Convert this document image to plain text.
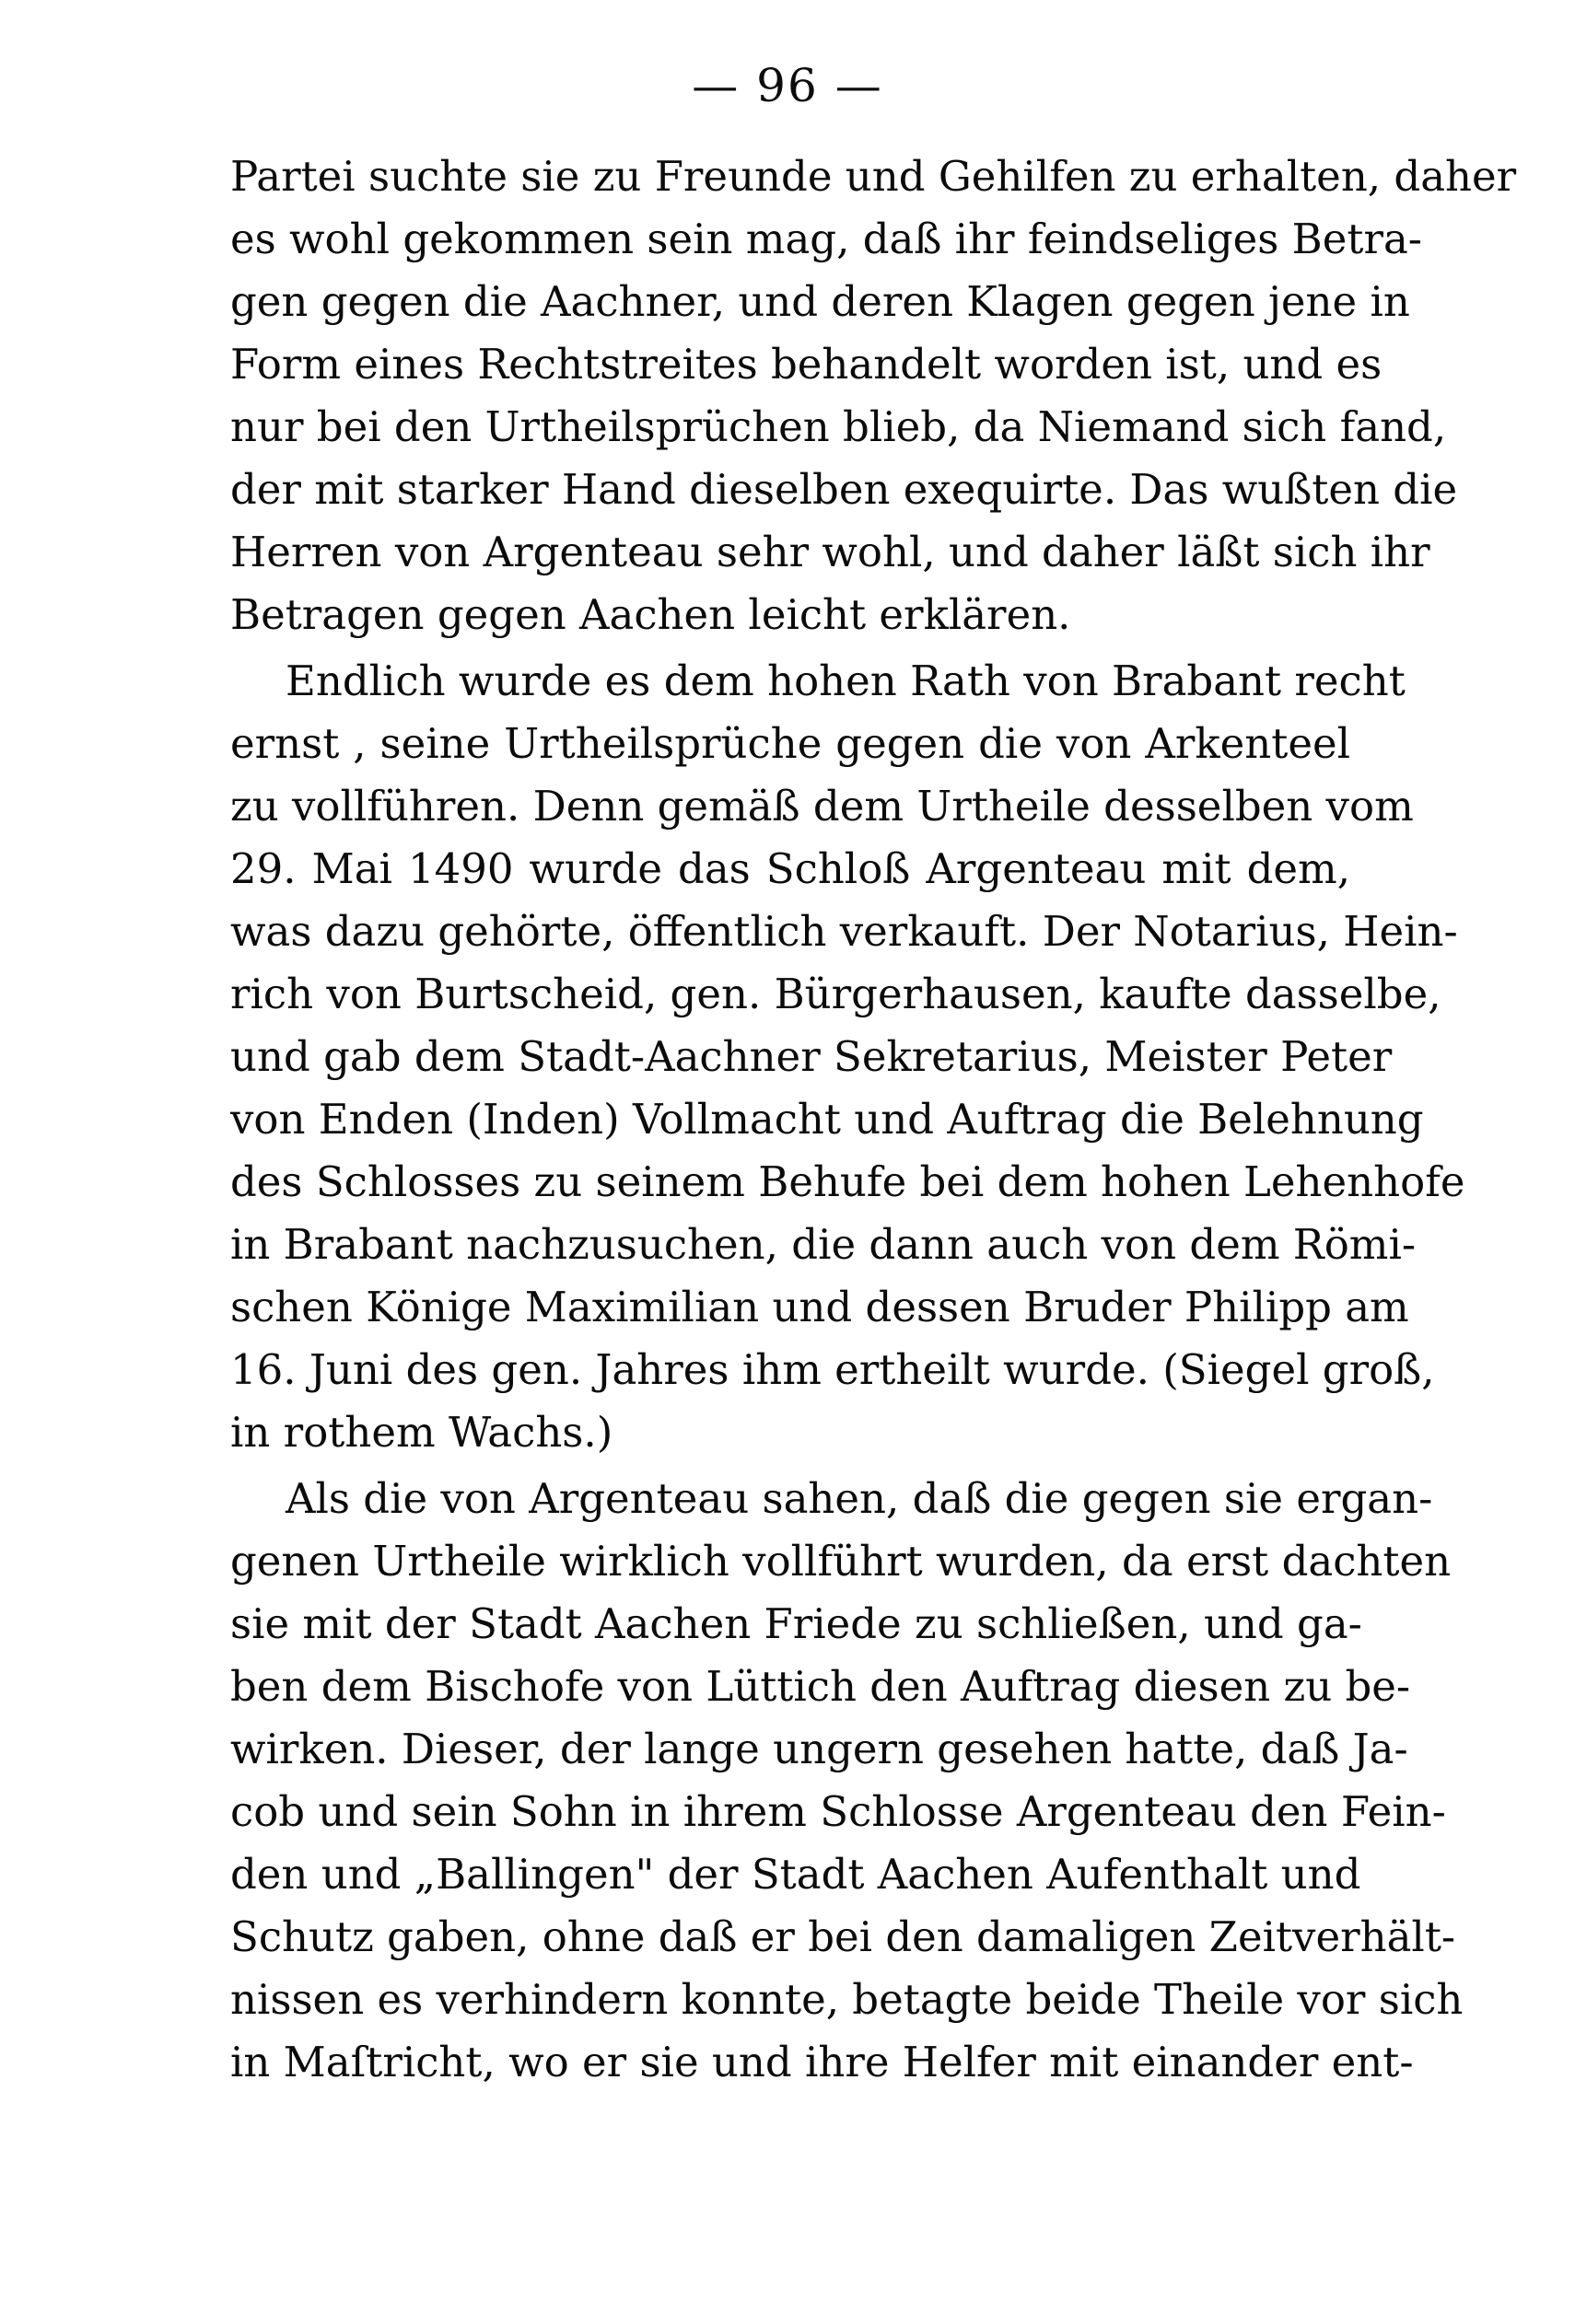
— 96 —
Partei suchte sie zu Freunde und Gehilfen zu erhalten, daher
es wohl gekommen sein mag, daß ihr feindseliges Betra-
gen gegen die Aachner, und deren Klagen gegen jene in
Form eines Rechtstreites behandelt worden ist, und es
nur bei den Urtheilsprüchen blieb, da Niemand sich fand,
der mit starker Hand dieselben exequirte. Das wußten die
Herren von Argenteau sehr wohl, und daher läßt sich ihr
Betragen gegen Aachen leicht erklären.
Endlich wurde es dem hohen Rath von Brabant recht
ernst , seine Urtheilsprüche gegen die von Arkenteel
zu vollführen. Denn gemäß dem Urtheile desselben vom
29. Mai 1490 wurde das Schloß Argenteau mit dem,
was dazu gehörte, öffentlich verkauft. Der Notarius, Hein-
rich von Burtscheid, gen. Bürgerhausen, kaufte dasselbe,
und gab dem Stadt-Aachner Sekretarius, Meister Peter
von Enden (Inden) Vollmacht und Auftrag die Belehnung
des Schlosses zu seinem Behufe bei dem hohen Lehenhofe
in Brabant nachzusuchen, die dann auch von dem Römi-
schen Könige Maximilian und dessen Bruder Philipp am
16. Juni des gen. Jahres ihm ertheilt wurde. (Siegel groß,
in rothem Wachs.)
Als die von Argenteau sahen, daß die gegen sie ergan-
genen Urtheile wirklich vollführt wurden, da erst dachten
sie mit der Stadt Aachen Friede zu schließen, und ga-
ben dem Bischofe von Lüttich den Auftrag diesen zu be-
wirken. Dieser, der lange ungern gesehen hatte, daß Ja-
cob und sein Sohn in ihrem Schlosse Argenteau den Fein-
den und „Ballingen" der Stadt Aachen Aufenthalt und
Schutz gaben, ohne daß er bei den damaligen Zeitverhält-
nissen es verhindern konnte, betagte beide Theile vor sich
in Maſtricht, wo er sie und ihre Helfer mit einander ent-
